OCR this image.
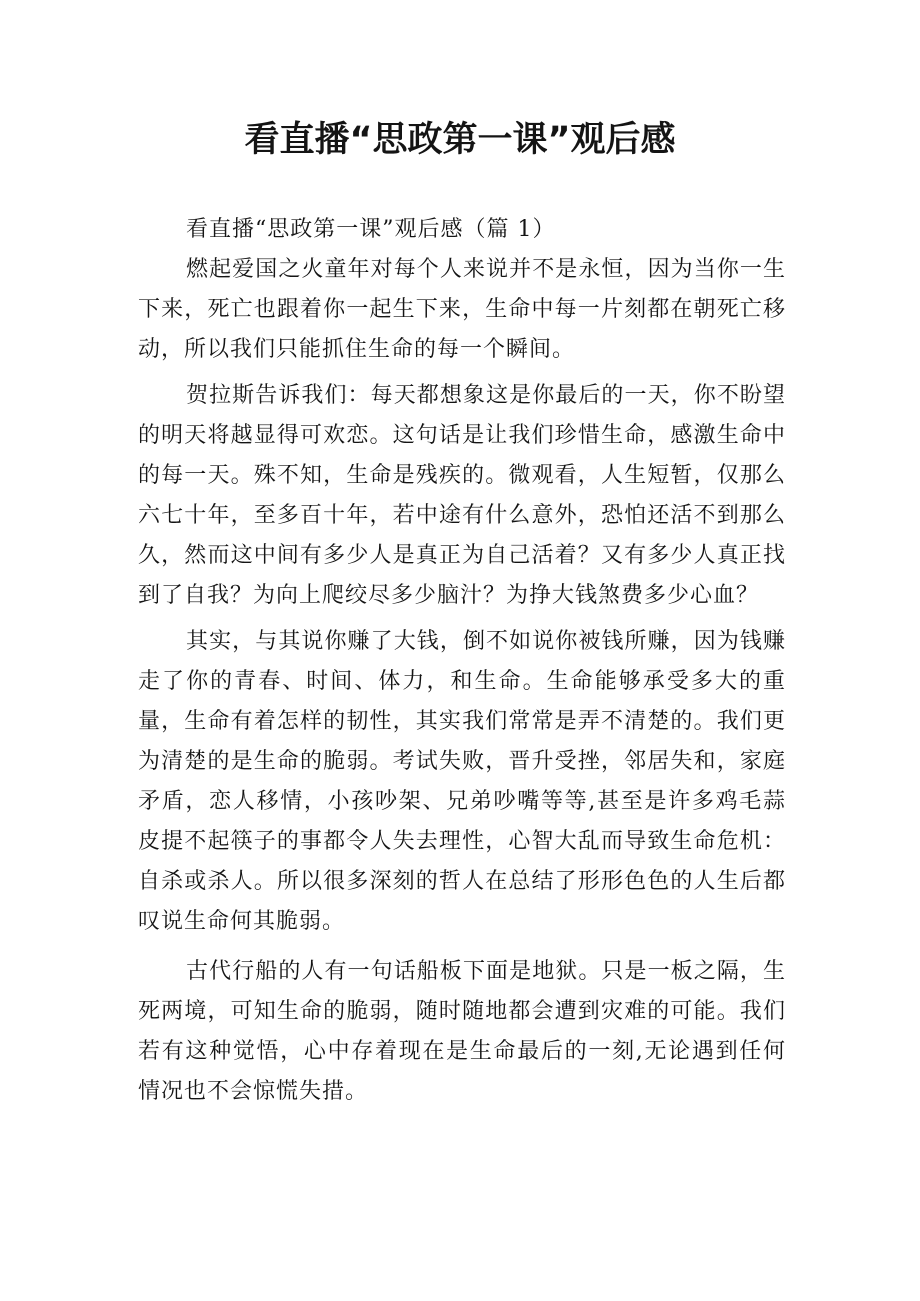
看直播“思政第一课”观后感

看直播“思政第一课”观后感（篇 1）

燃起爱国之火童年对每个人来说并不是永恒，因为当你一生下来，死亡也跟着你一起生下来，生命中每一片刻都在朝死亡移动，所以我们只能抓住生命的每一个瞬间。

贺拉斯告诉我们：每天都想象这是你最后的一天，你不盼望的明天将越显得可欢恋。这句话是让我们珍惜生命，感激生命中的每一天。殊不知，生命是残疾的。微观看，人生短暂，仅那么六七十年，至多百十年，若中途有什么意外，恐怕还活不到那么久，然而这中间有多少人是真正为自己活着？又有多少人真正找到了自我？为向上爬绞尽多少脑汁？为挣大钱煞费多少心血？

其实，与其说你赚了大钱，倒不如说你被钱所赚，因为钱赚走了你的青春、时间、体力，和生命。生命能够承受多大的重量，生命有着怎样的韧性，其实我们常常是弄不清楚的。我们更为清楚的是生命的脆弱。考试失败，晋升受挫，邻居失和，家庭矛盾，恋人移情，小孩吵架、兄弟吵嘴等等,甚至是许多鸡毛蒜皮提不起筷子的事都令人失去理性，心智大乱而导致生命危机：自杀或杀人。所以很多深刻的哲人在总结了形形色色的人生后都叹说生命何其脆弱。

古代行船的人有一句话船板下面是地狱。只是一板之隔，生死两境，可知生命的脆弱，随时随地都会遭到灾难的可能。我们若有这种觉悟，心中存着现在是生命最后的一刻,无论遇到任何情况也不会惊慌失措。
